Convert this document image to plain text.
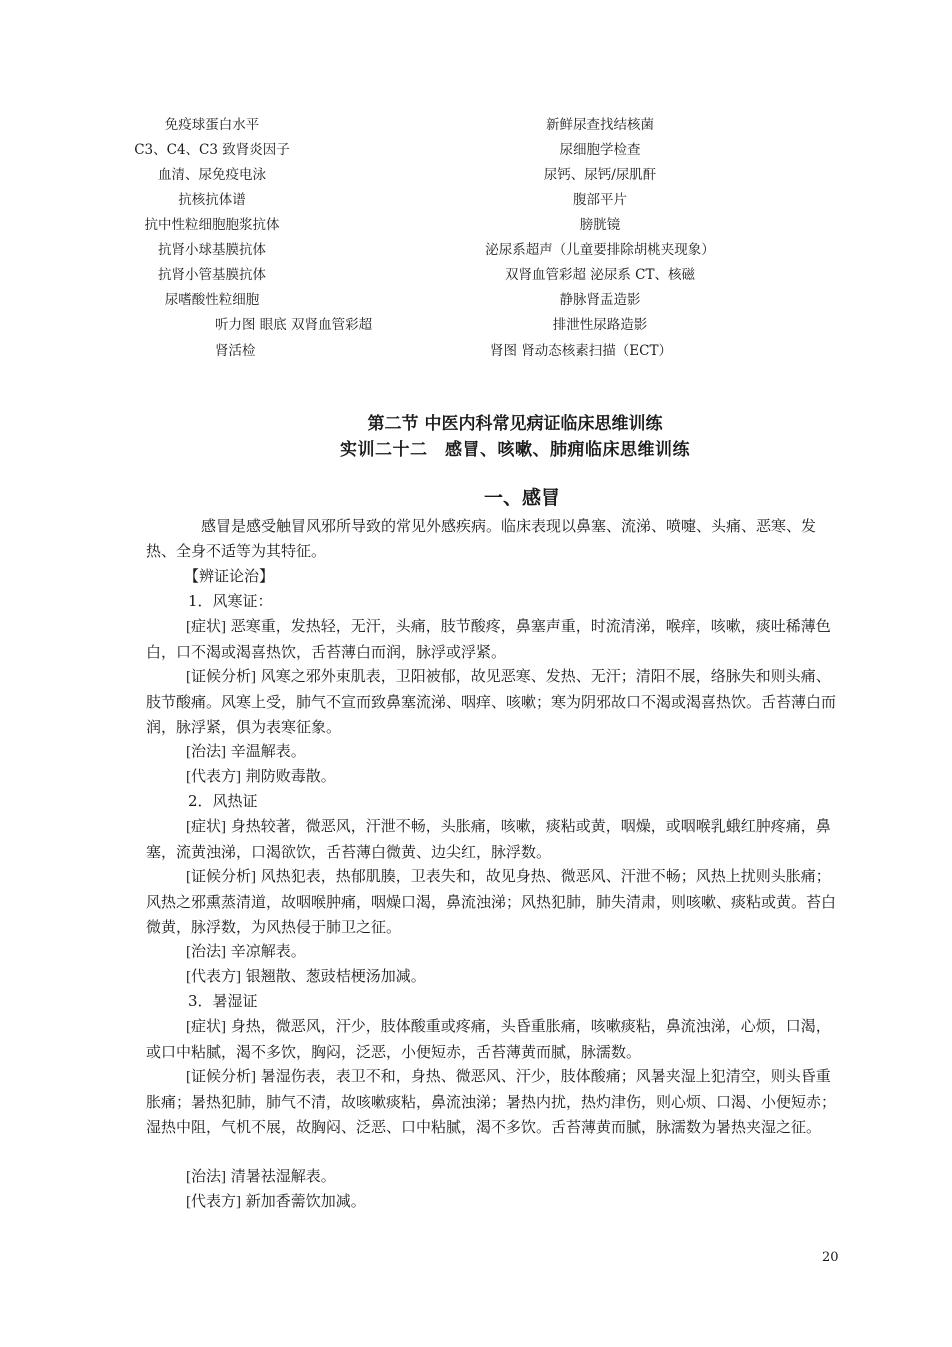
免疫球蛋白水平
C3、C4、C3 致肾炎因子
血清、尿免疫电泳
抗核抗体谱
抗中性粒细胞胞浆抗体
抗肾小球基膜抗体
抗肾小管基膜抗体
尿嗜酸性粒细胞
听力图 眼底 双肾血管彩超
肾活检
新鲜尿查找结核菌
尿细胞学检查
尿钙、尿钙/尿肌酐
腹部平片
膀胱镜
泌尿系超声（儿童要排除胡桃夹现象）
双肾血管彩超 泌尿系 CT、核磁
静脉肾盂造影
排泄性尿路造影
肾图 肾动态核素扫描（ECT）
第二节 中医内科常见病证临床思维训练
实训二十二　感冒、咳嗽、肺痈临床思维训练
一、感冒
感冒是感受触冒风邪所导致的常见外感疾病。临床表现以鼻塞、流涕、喷嚏、头痛、恶寒、发热、全身不适等为其特征。
【辨证论治】
1．风寒证：
[症状] 恶寒重，发热轻，无汗，头痛，肢节酸疼，鼻塞声重，时流清涕，喉痒，咳嗽，痰吐稀薄色白，口不渴或渴喜热饮，舌苔薄白而润，脉浮或浮紧。
[证候分析] 风寒之邪外束肌表，卫阳被郁，故见恶寒、发热、无汗；清阳不展，络脉失和则头痛、肢节酸痛。风寒上受，肺气不宣而致鼻塞流涕、咽痒、咳嗽；寒为阴邪故口不渴或渴喜热饮。舌苔薄白而润，脉浮紧，俱为表寒征象。
[治法] 辛温解表。
[代表方] 荆防败毒散。
2．风热证
[症状] 身热较著，微恶风，汗泄不畅，头胀痛，咳嗽，痰粘或黄，咽燥，或咽喉乳蛾红肿疼痛，鼻塞，流黄浊涕，口渴欲饮，舌苔薄白微黄、边尖红，脉浮数。
[证候分析] 风热犯表，热郁肌腠，卫表失和，故见身热、微恶风、汗泄不畅；风热上扰则头胀痛；风热之邪熏蒸清道，故咽喉肿痛，咽燥口渴，鼻流浊涕；风热犯肺，肺失清肃，则咳嗽、痰粘或黄。苔白微黄，脉浮数，为风热侵于肺卫之征。
[治法] 辛凉解表。
[代表方] 银翘散、葱豉桔梗汤加减。
3．暑湿证
[症状] 身热，微恶风，汗少，肢体酸重或疼痛，头昏重胀痛，咳嗽痰粘，鼻流浊涕，心烦，口渴，或口中粘腻，渴不多饮，胸闷，泛恶，小便短赤，舌苔薄黄而腻，脉濡数。
[证候分析] 暑湿伤表，表卫不和，身热、微恶风、汗少，肢体酸痛；风暑夹湿上犯清空，则头昏重胀痛；暑热犯肺，肺气不清，故咳嗽痰粘，鼻流浊涕；暑热内扰，热灼津伤，则心烦、口渴、小便短赤；湿热中阻，气机不展，故胸闷、泛恶、口中粘腻，渴不多饮。舌苔薄黄而腻，脉濡数为暑热夹湿之征。
[治法] 清暑祛湿解表。
[代表方] 新加香薷饮加减。
20
